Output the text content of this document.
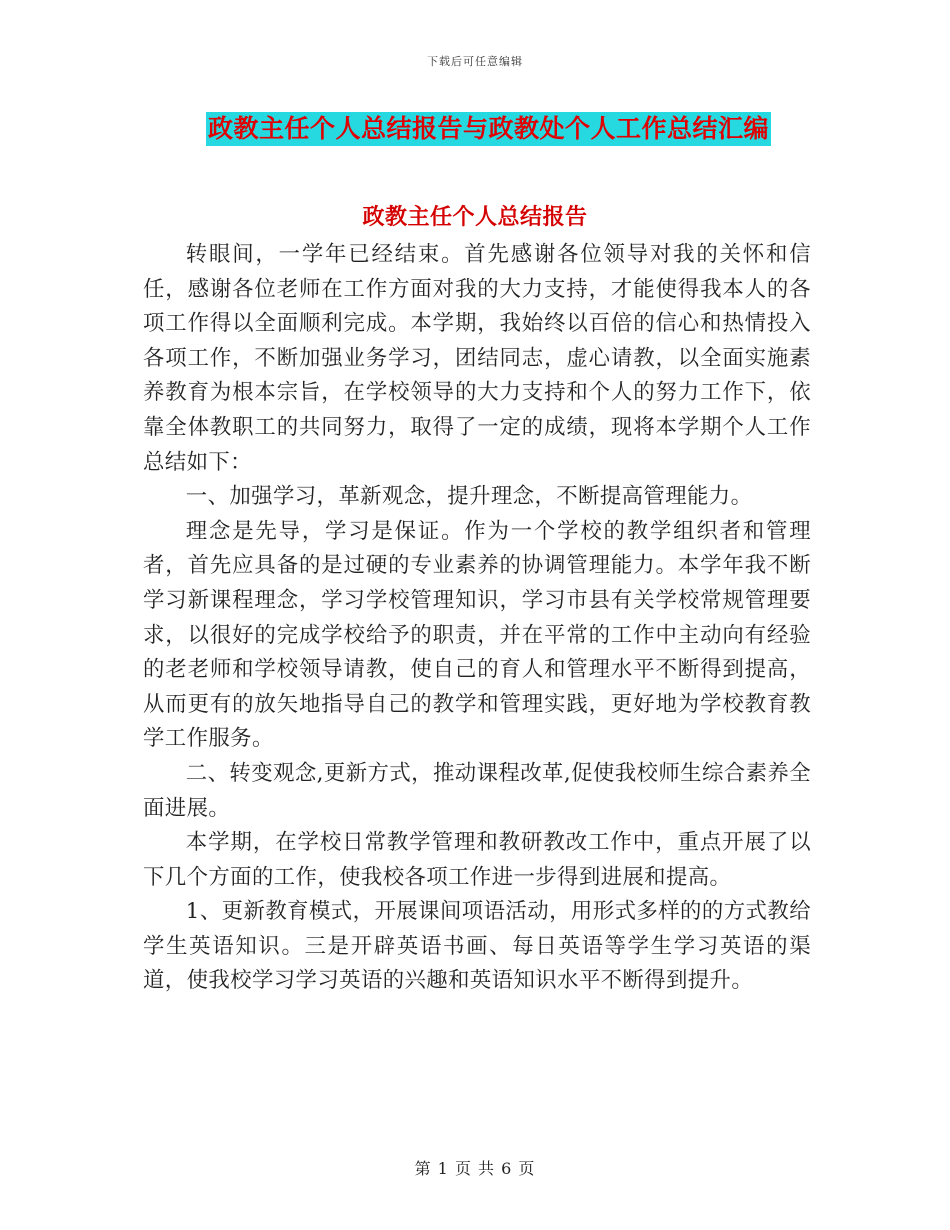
下载后可任意编辑
政教主任个人总结报告与政教处个人工作总结汇编
政教主任个人总结报告

转眼间，一学年已经结束。首先感谢各位领导对我的关怀和信任，感谢各位老师在工作方面对我的大力支持，才能使得我本人的各项工作得以全面顺利完成。本学期，我始终以百倍的信心和热情投入各项工作，不断加强业务学习，团结同志，虚心请教，以全面实施素养教育为根本宗旨，在学校领导的大力支持和个人的努力工作下，依靠全体教职工的共同努力，取得了一定的成绩，现将本学期个人工作总结如下：

一、加强学习，革新观念，提升理念，不断提高管理能力。

理念是先导，学习是保证。作为一个学校的教学组织者和管理者，首先应具备的是过硬的专业素养的协调管理能力。本学年我不断学习新课程理念，学习学校管理知识，学习市县有关学校常规管理要求，以很好的完成学校给予的职责，并在平常的工作中主动向有经验的老老师和学校领导请教，使自己的育人和管理水平不断得到提高，从而更有的放矢地指导自己的教学和管理实践，更好地为学校教育教学工作服务。

二、转变观念,更新方式，推动课程改革,促使我校师生综合素养全面进展。

本学期，在学校日常教学管理和教研教改工作中，重点开展了以下几个方面的工作，使我校各项工作进一步得到进展和提高。

1、更新教育模式，开展课间项语活动，用形式多样的的方式教给学生英语知识。三是开辟英语书画、每日英语等学生学习英语的渠道，使我校学习学习英语的兴趣和英语知识水平不断得到提升。

第 1 页 共 6 页
